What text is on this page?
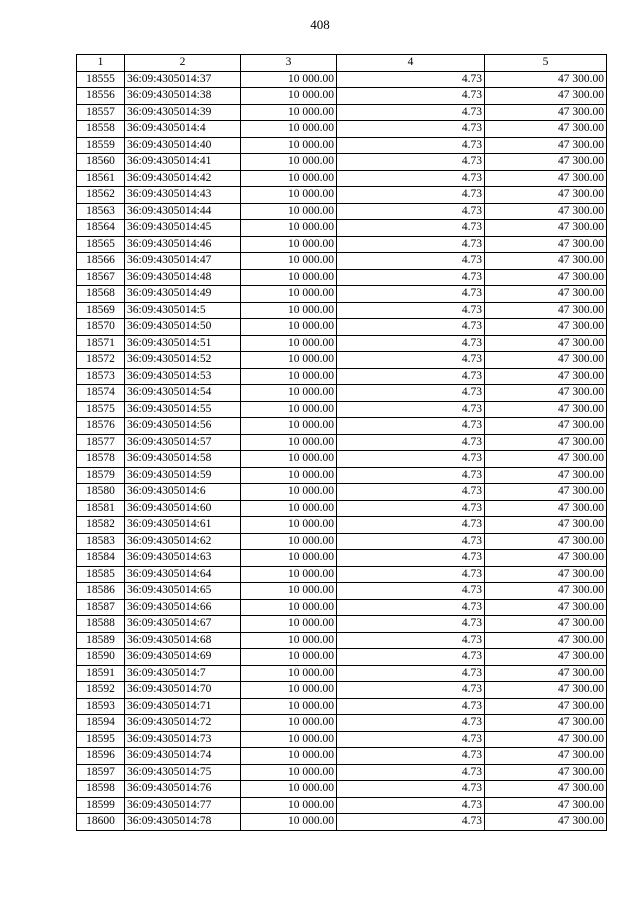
408
1	2	3	4	5
18555	36:09:4305014:37	10 000.00	4.73	47 300.00
18556	36:09:4305014:38	10 000.00	4.73	47 300.00
18557	36:09:4305014:39	10 000.00	4.73	47 300.00
18558	36:09:4305014:4	10 000.00	4.73	47 300.00
18559	36:09:4305014:40	10 000.00	4.73	47 300.00
18560	36:09:4305014:41	10 000.00	4.73	47 300.00
18561	36:09:4305014:42	10 000.00	4.73	47 300.00
18562	36:09:4305014:43	10 000.00	4.73	47 300.00
18563	36:09:4305014:44	10 000.00	4.73	47 300.00
18564	36:09:4305014:45	10 000.00	4.73	47 300.00
18565	36:09:4305014:46	10 000.00	4.73	47 300.00
18566	36:09:4305014:47	10 000.00	4.73	47 300.00
18567	36:09:4305014:48	10 000.00	4.73	47 300.00
18568	36:09:4305014:49	10 000.00	4.73	47 300.00
18569	36:09:4305014:5	10 000.00	4.73	47 300.00
18570	36:09:4305014:50	10 000.00	4.73	47 300.00
18571	36:09:4305014:51	10 000.00	4.73	47 300.00
18572	36:09:4305014:52	10 000.00	4.73	47 300.00
18573	36:09:4305014:53	10 000.00	4.73	47 300.00
18574	36:09:4305014:54	10 000.00	4.73	47 300.00
18575	36:09:4305014:55	10 000.00	4.73	47 300.00
18576	36:09:4305014:56	10 000.00	4.73	47 300.00
18577	36:09:4305014:57	10 000.00	4.73	47 300.00
18578	36:09:4305014:58	10 000.00	4.73	47 300.00
18579	36:09:4305014:59	10 000.00	4.73	47 300.00
18580	36:09:4305014:6	10 000.00	4.73	47 300.00
18581	36:09:4305014:60	10 000.00	4.73	47 300.00
18582	36:09:4305014:61	10 000.00	4.73	47 300.00
18583	36:09:4305014:62	10 000.00	4.73	47 300.00
18584	36:09:4305014:63	10 000.00	4.73	47 300.00
18585	36:09:4305014:64	10 000.00	4.73	47 300.00
18586	36:09:4305014:65	10 000.00	4.73	47 300.00
18587	36:09:4305014:66	10 000.00	4.73	47 300.00
18588	36:09:4305014:67	10 000.00	4.73	47 300.00
18589	36:09:4305014:68	10 000.00	4.73	47 300.00
18590	36:09:4305014:69	10 000.00	4.73	47 300.00
18591	36:09:4305014:7	10 000.00	4.73	47 300.00
18592	36:09:4305014:70	10 000.00	4.73	47 300.00
18593	36:09:4305014:71	10 000.00	4.73	47 300.00
18594	36:09:4305014:72	10 000.00	4.73	47 300.00
18595	36:09:4305014:73	10 000.00	4.73	47 300.00
18596	36:09:4305014:74	10 000.00	4.73	47 300.00
18597	36:09:4305014:75	10 000.00	4.73	47 300.00
18598	36:09:4305014:76	10 000.00	4.73	47 300.00
18599	36:09:4305014:77	10 000.00	4.73	47 300.00
18600	36:09:4305014:78	10 000.00	4.73	47 300.00
